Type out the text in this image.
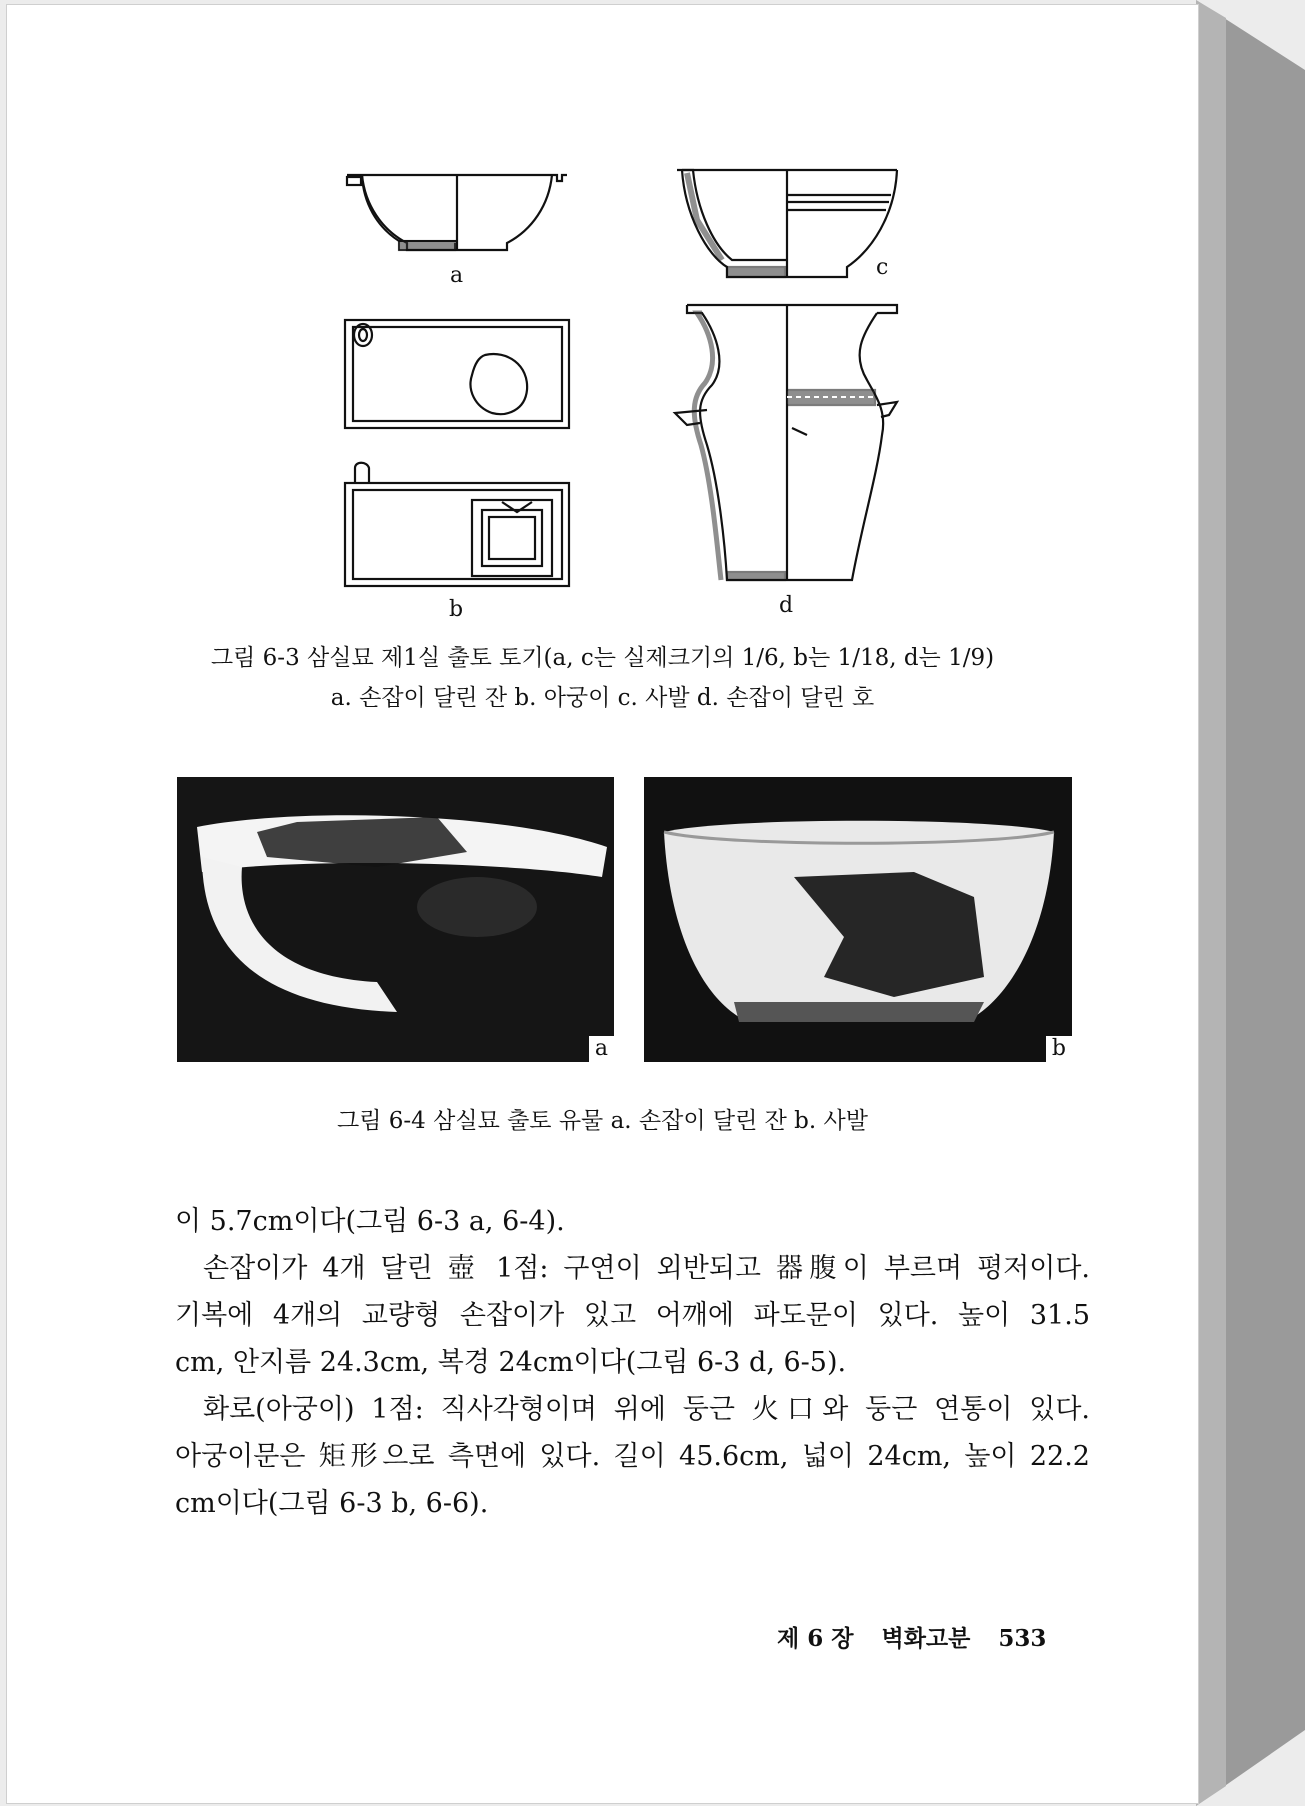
a	c
b	d
그림 6-3 삼실묘 제1실 출토 토기(a, c는 실제크기의 1/6, b는 1/18, d는 1/9)
a. 손잡이 달린 잔 b. 아궁이 c. 사발 d. 손잡이 달린 호
a	b
그림 6-4 삼실묘 출토 유물 a. 손잡이 달린 잔 b. 사발

이 5.7cm이다(그림 6-3 a, 6-4).

손잡이가 4개 달린 壺 1점: 구연이 외반되고 器腹이 부르며 평저이다.

기복에 4개의 교량형 손잡이가 있고 어깨에 파도문이 있다. 높이 31.5

cm, 안지름 24.3cm, 복경 24cm이다(그림 6-3 d, 6-5).

화로(아궁이) 1점: 직사각형이며 위에 둥근 火口와 둥근 연통이 있다.

아궁이문은 矩形으로 측면에 있다. 길이 45.6cm, 넓이 24cm, 높이 22.2

cm이다(그림 6-3 b, 6-6).

제 6 장 벽화고분 533
